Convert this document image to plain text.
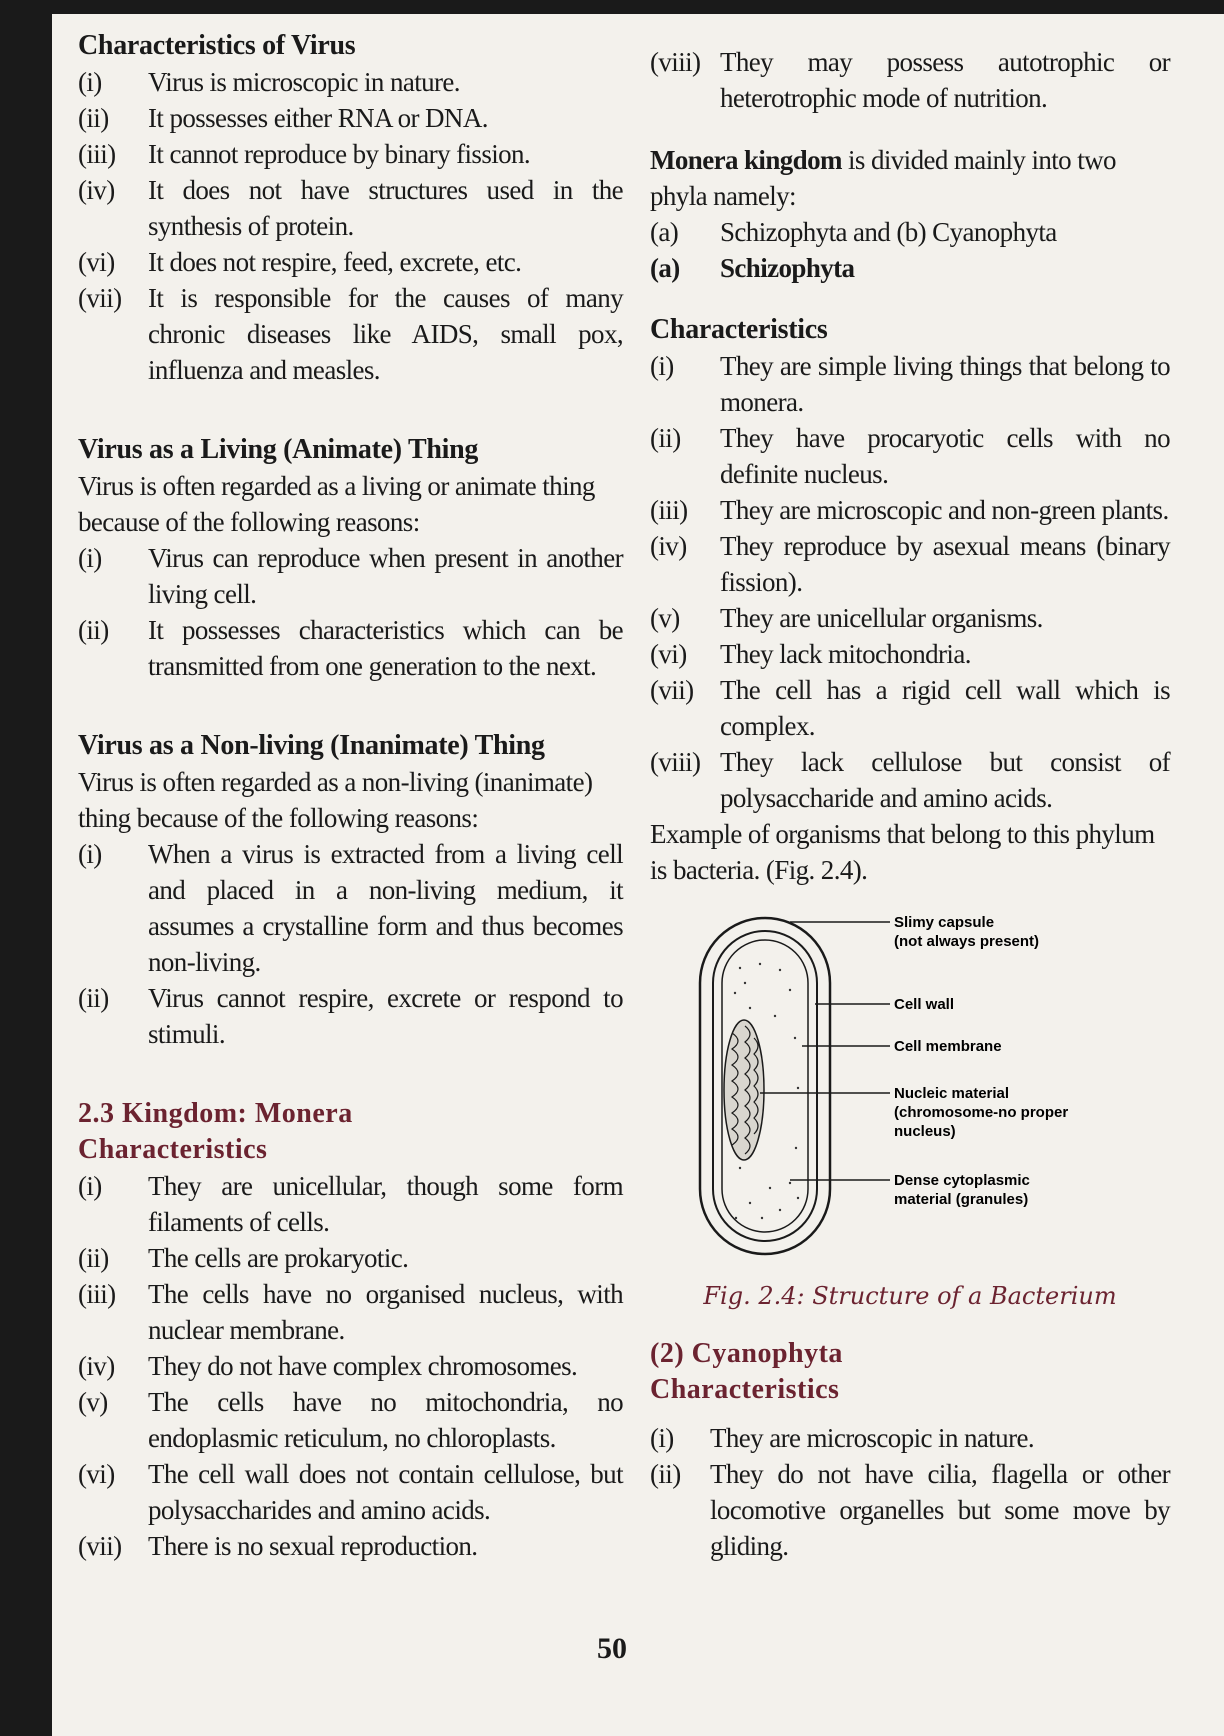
Characteristics of Virus

(i)	Virus is microscopic in nature.
(ii)	It possesses either RNA or DNA.
(iii)	It cannot reproduce by binary fission.
(iv)	It does not have structures used in the synthesis of protein.
(vi)	It does not respire, feed, excrete, etc.
(vii) It is responsible for the causes of many chronic diseases like AIDS, small pox, influenza and measles.

Virus as a Living (Animate) Thing

Virus is often regarded as a living or animate thing because of the following reasons:

(i)	Virus can reproduce when present in another living cell.
(ii)	It possesses characteristics which can be transmitted from one generation to the next.

Virus as a Non-living (Inanimate) Thing

Virus is often regarded as a non-living (inanimate) thing because of the following reasons:

(i)	When a virus is extracted from a living cell and placed in a non-living medium, it assumes a crystalline form and thus becomes non-living.
(ii)	Virus cannot respire, excrete or respond to stimuli.

2.3 Kingdom: Monera

Characteristics

(i)	They are unicellular, though some form filaments of cells.
(ii)	The cells are prokaryotic.
(iii)	The cells have no organised nucleus, with nuclear membrane.
(iv)	They do not have complex chromosomes.
(v)	The cells have no mitochondria, no endoplasmic reticulum, no chloroplasts.
(vi)	The cell wall does not contain cellulose, but polysaccharides and amino acids.
(vii) There is no sexual reproduction.
(viii) They may possess autotrophic or heterotrophic mode of nutrition.

Monera kingdom is divided mainly into two phyla namely:

(a)	Schizophyta and (b) Cyanophyta
(a)	Schizophyta

Characteristics

(i)	They are simple living things that belong to monera.
(ii)	They have procaryotic cells with no definite nucleus.
(iii)	They are microscopic and non-green plants.
(iv)	They reproduce by asexual means (binary fission).
(v)	They are unicellular organisms.
(vi)	They lack mitochondria.
(vii) The cell has a rigid cell wall which is complex.
(viii) They lack cellulose but consist of polysaccharide and amino acids.

Example of organisms that belong to this phylum is bacteria. (Fig. 2.4).

Slimy capsule
(not always present)
Cell wall
Cell membrane
Nucleic material
(chromosome-no proper
nucleus)
Dense cytoplasmic
material (granules)
Fig. 2.4: Structure of a Bacterium

(2) Cyanophyta

Characteristics

(i)	They are microscopic in nature.
(ii)	They do not have cilia, flagella or other locomotive organelles but some move by gliding.
50
